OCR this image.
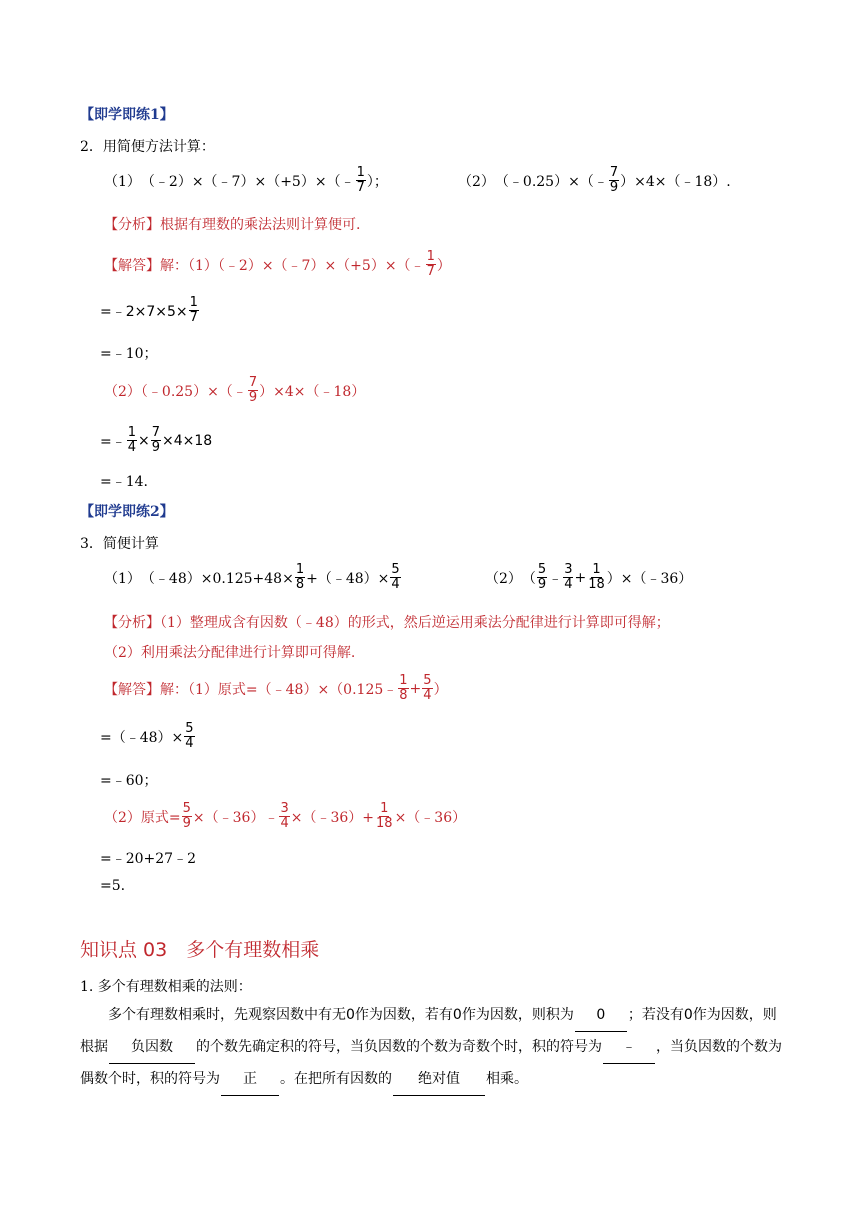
【即学即练1】
2．用简便方法计算：
（1） （﹣2）×（﹣7）×（+5）×（﹣ $\frac{1}{7}$ ）；	（2） （﹣0.25）×（﹣ $\frac{7}{9}$ ）×4×（﹣18）.
【分析】根据有理数的乘法法则计算便可.
【解答】解：（1）（﹣2）×（﹣7）×（+5）×（﹣ $\frac{1}{7}$ ）
=﹣2×7×5× $\frac{1}{7}$
=﹣10；
（2）（﹣0.25）×（﹣ $\frac{7}{9}$ ）×4×（﹣18）
=﹣ $\frac{1}{4} \times \frac{7}{9} \times 4\times 18$
=﹣14.
【即学即练2】
3．简便计算
（1） （﹣48）×0.125+48× $\frac{1}{8}$ +（﹣48）× $\frac{5}{4}$	（2） （ $\frac{5}{9}$ ﹣ $\frac{3}{4} + \frac{1}{18}$ ）×（﹣36）
【分析】（1）整理成含有因数（﹣48）的形式，然后逆运用乘法分配律进行计算即可得解；
（2）利用乘法分配律进行计算即可得解.
【解答】解：（1）原式=（﹣48）×（0.125﹣ $\frac{1}{8} + \frac{5}{4}$ ）
=（﹣48）× $\frac{5}{4}$
=﹣60；
（2）原式= $\frac{5}{9}$ ×（﹣36）﹣ $\frac{3}{4}$ ×（﹣36）+ $\frac{1}{18}$ ×（﹣36）
=﹣20+27﹣2
=5.
知识点 03　多个有理数相乘
1. 多个有理数相乘的法则：
　　多个有理数相乘时，先观察因数中有无0作为因数，若有0作为因数，则积为 0 ；若没有0作为因数，则根据 负因数 的个数先确定积的符号，当负因数的个数为奇数个时，积的符号为 ﹣ ，当负因数的个数为偶数个时，积的符号为 正 。在把所有因数的 绝对值 相乘。
